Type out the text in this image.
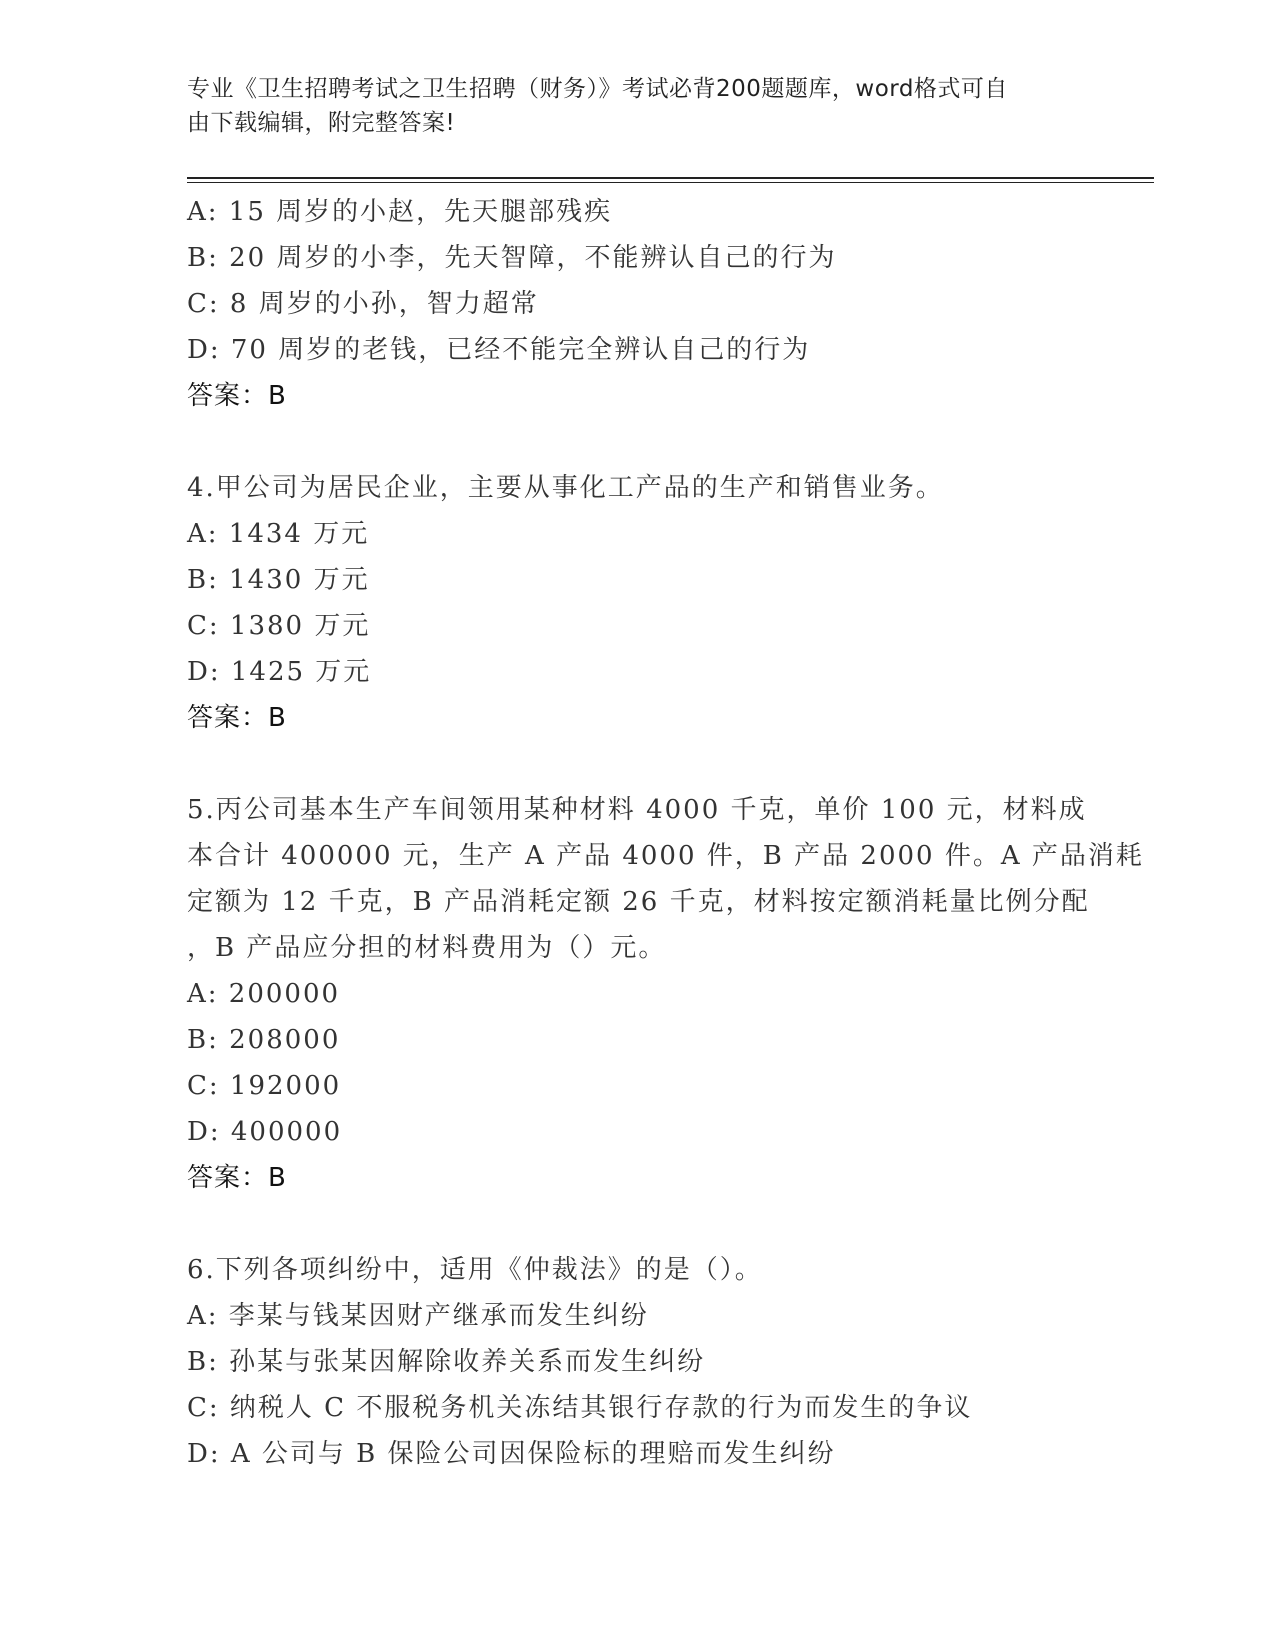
专业《卫生招聘考试之卫生招聘（财务）》考试必背200题题库，word格式可自
由下载编辑，附完整答案!
A: 15 周岁的小赵，先天腿部残疾
B: 20 周岁的小李，先天智障，不能辨认自己的行为
C: 8 周岁的小孙，智力超常
D: 70 周岁的老钱，已经不能完全辨认自己的行为
答案：B
4.甲公司为居民企业，主要从事化工产品的生产和销售业务。
A: 1434 万元
B: 1430 万元
C: 1380 万元
D: 1425 万元
答案：B
5.丙公司基本生产车间领用某种材料 4000 千克，单价 100 元，材料成
本合计 400000 元，生产 A 产品 4000 件，B 产品 2000 件。A 产品消耗
定额为 12 千克，B 产品消耗定额 26 千克，材料按定额消耗量比例分配
，B 产品应分担的材料费用为（）元。
A: 200000
B: 208000
C: 192000
D: 400000
答案：B
6.下列各项纠纷中，适用《仲裁法》的是（）。
A: 李某与钱某因财产继承而发生纠纷
B: 孙某与张某因解除收养关系而发生纠纷
C: 纳税人 C 不服税务机关冻结其银行存款的行为而发生的争议
D: A 公司与 B 保险公司因保险标的理赔而发生纠纷
